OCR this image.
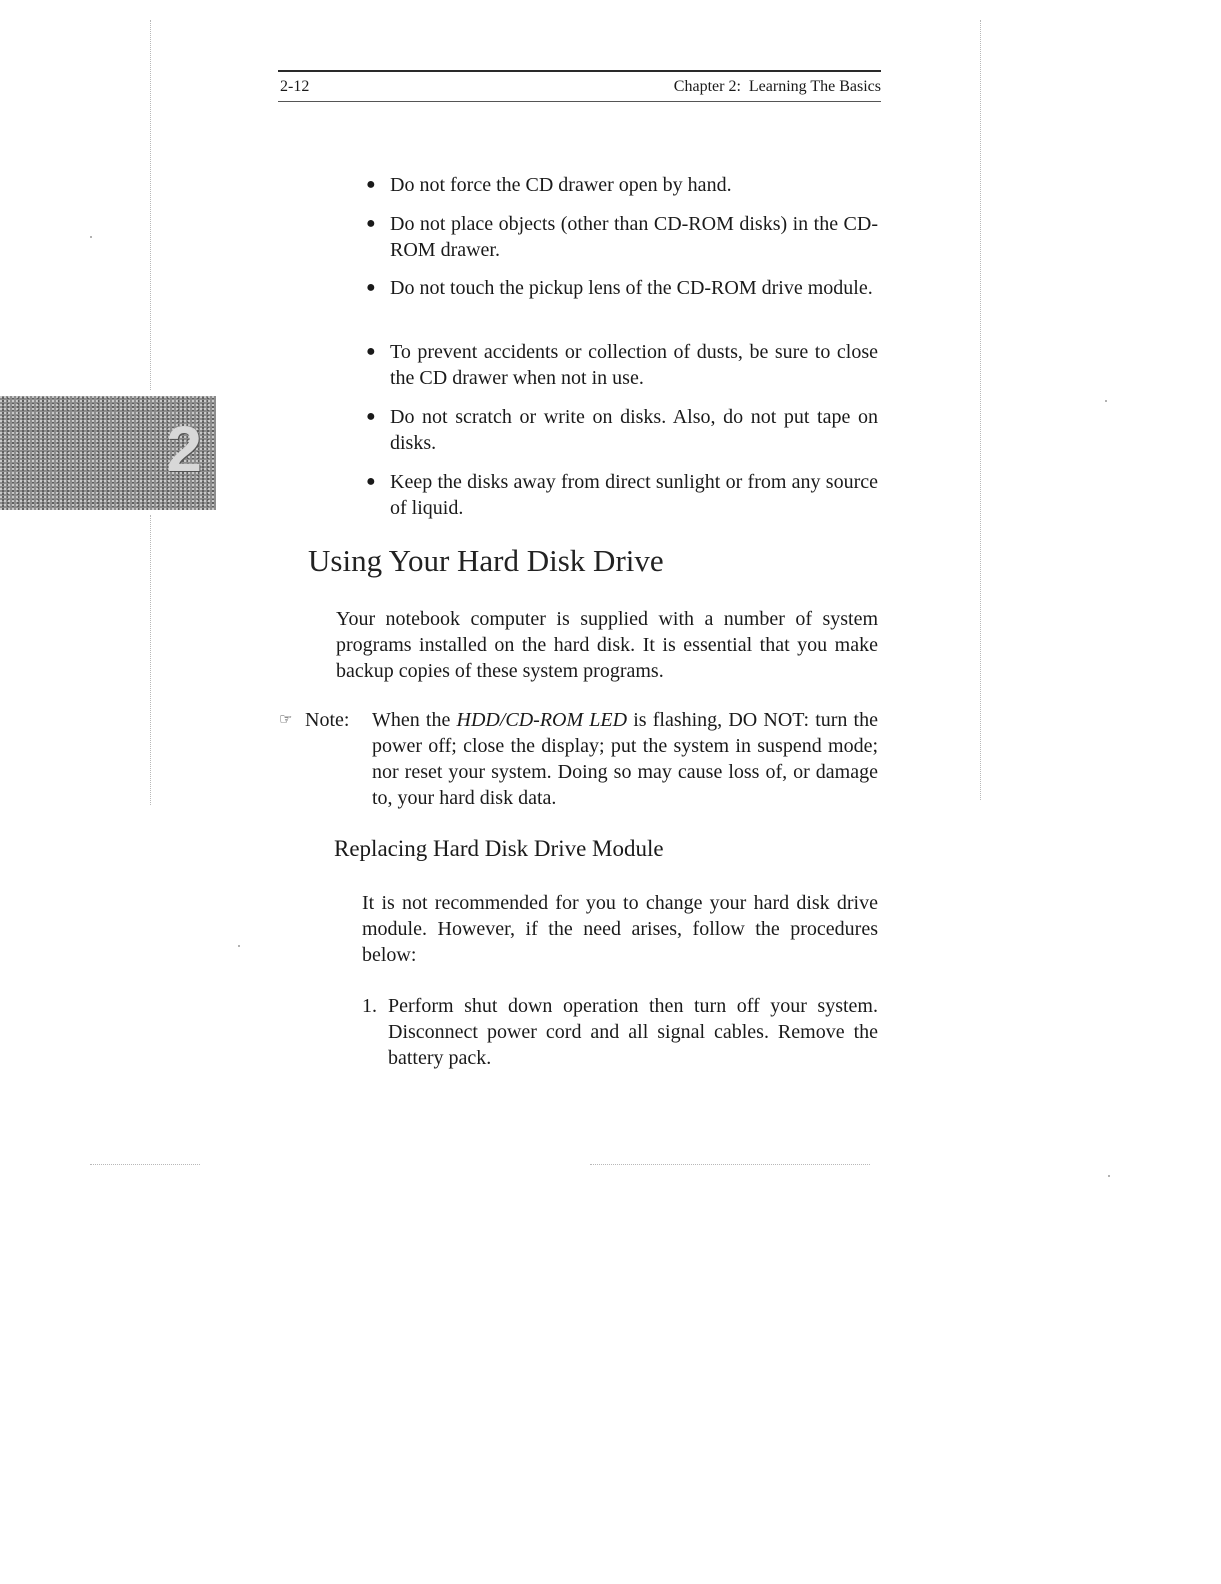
2-12	Chapter 2:  Learning The Basics
2
● Do not force the CD drawer open by hand.
● Do not place objects (other than CD-ROM disks) in the CD-ROM drawer.
● Do not touch the pickup lens of the CD-ROM drive module.
● To prevent accidents or collection of dusts, be sure to close the CD drawer when not in use.
● Do not scratch or write on disks. Also, do not put tape on disks.
● Keep the disks away from direct sunlight or from any source of liquid.
Using Your Hard Disk Drive
Your notebook computer is supplied with a number of system programs installed on the hard disk. It is essential that you make backup copies of these system programs.
☞ Note: When the HDD/CD-ROM LED is flashing, DO NOT: turn the power off; close the display; put the system in suspend mode; nor reset your system. Doing so may cause loss of, or damage to, your hard disk data.
Replacing Hard Disk Drive Module
It is not recommended for you to change your hard disk drive module. However, if the need arises, follow the procedures below:
1. Perform shut down operation then turn off your system. Disconnect power cord and all signal cables. Remove the battery pack.
